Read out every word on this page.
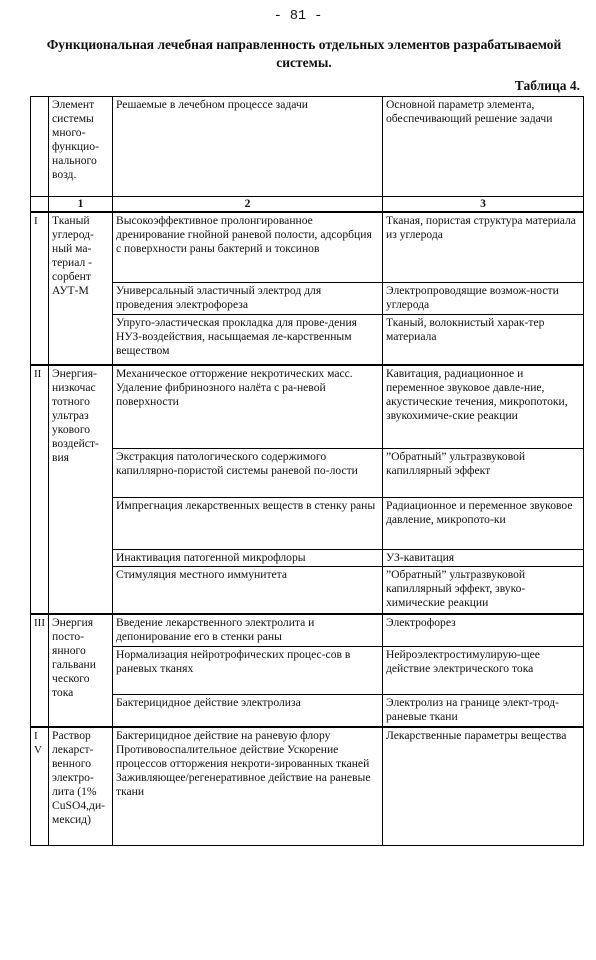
- 81 -
Функциональная лечебная направленность отдельных элементов разрабатываемой системы.
Таблица 4.
	Элемент системы много-функцио-нального возд.	Решаемые в лечебном процессе задачи	Основной параметр элемента, обеспечивающий решение задачи
	1	2	3
I	Тканый углерод-ный ма-териал - сорбент АУТ-М	Высокоэффективное пролонгированное дренирование гнойной раневой полости, адсорбция с поверхности раны бактерий и токсинов	Тканая, пористая структура материала из углерода
		Универсальный эластичный электрод для проведения электрофореза	Электропроводящие возмож-ности углерода
		Упруго-эластическая прокладка для прове-дения НУЗ-воздействия, насыщаемая ле-карственным веществом	Тканый, волокнистый харак-тер материала
II	Энергия-низкочас тотного ультраз укового воздейст-вия	Механическое отторжение некротических масс. Удаление фибринозного налёта с ра-невой поверхности	Кавитация, радиационное и переменное звуковое давле-ние, акустические течения, микропотоки, звукохимиче-ские реакции
		Экстракция патологического содержимого капиллярно-пористой системы раневой по-лости	”Обратный” ультразвуковой капиллярный эффект
		Импрегнация лекарственных веществ в стенку раны	Радиационное и переменное звуковое давление, микропото-ки
		Инактивация патогенной микрофлоры	УЗ-кавитация
		Стимуляция местного иммунитета	”Обратный” ультразвуковой капиллярный эффект, звуко-химические реакции
III	Энергия посто-янного гальвани ческого тока	Введение лекарственного электролита и депонирование его в стенки раны	Электрофорез
		Нормализация нейротрофических процес-сов в раневых тканях	Нейроэлектростимулирую-щее действие электрического тока
		Бактерицидное действие электролиза	Электролиз на границе элект-трод-раневые ткани
IV	Раствор лекарст-венного электро-лита (1% CuSO4,ди-мексид)	Бактерицидное действие на раневую флору Противовоспалительное действие Ускорение процессов отторжения некроти-зированных тканей Заживляющее/регенеративное действие на раневые ткани	Лекарственные параметры вещества
